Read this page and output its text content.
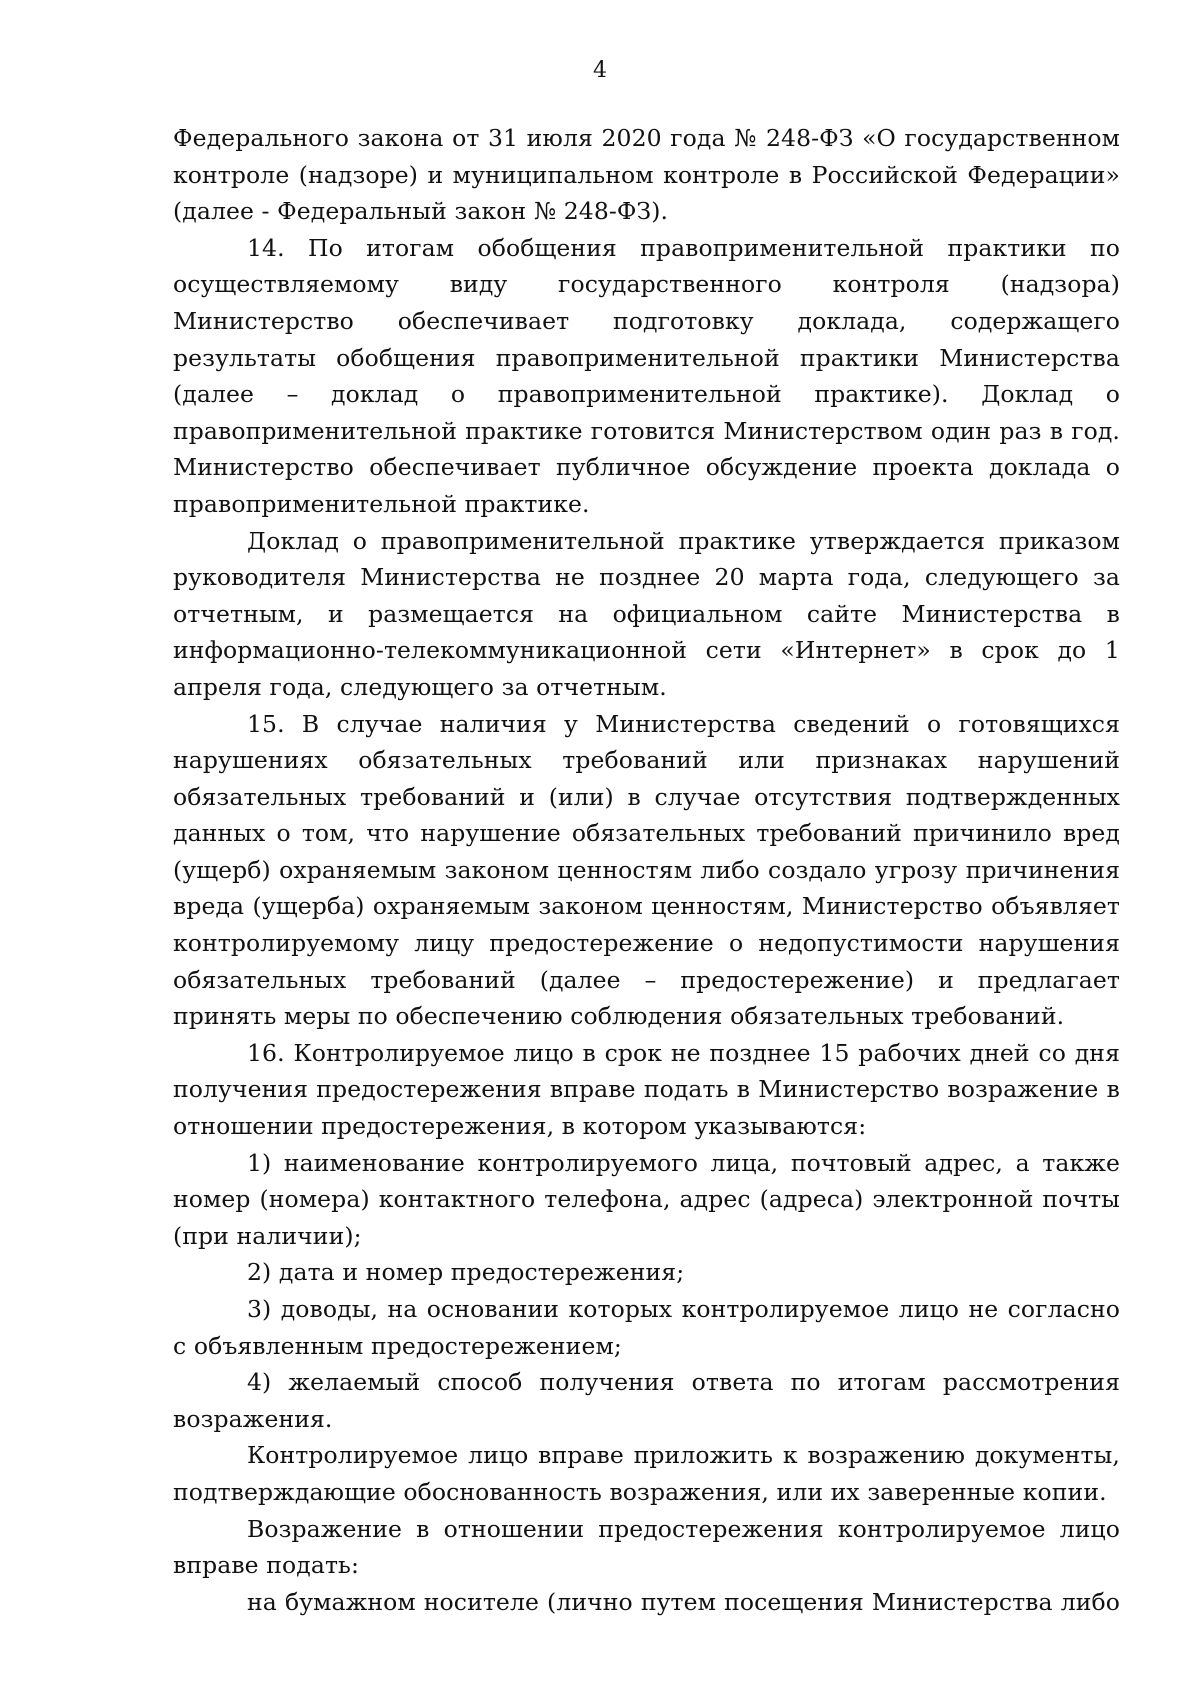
4

Федерального закона от 31 июля 2020 года № 248-ФЗ «О государственном контроле (надзоре) и муниципальном контроле в Российской Федерации» (далее - Федеральный закон № 248-ФЗ).

14. По итогам обобщения правоприменительной практики по осуществляемому виду государственного контроля (надзора) Министерство обеспечивает подготовку доклада, содержащего результаты обобщения правоприменительной практики Министерства (далее – доклад о правоприменительной практике). Доклад о правоприменительной практике готовится Министерством один раз в год. Министерство обеспечивает публичное обсуждение проекта доклада о правоприменительной практике.

Доклад о правоприменительной практике утверждается приказом руководителя Министерства не позднее 20 марта года, следующего за отчетным, и размещается на официальном сайте Министерства в информационно-телекоммуникационной сети «Интернет» в срок до 1 апреля года, следующего за отчетным.

15. В случае наличия у Министерства сведений о готовящихся нарушениях обязательных требований или признаках нарушений обязательных требований и (или) в случае отсутствия подтвержденных данных о том, что нарушение обязательных требований причинило вред (ущерб) охраняемым законом ценностям либо создало угрозу причинения вреда (ущерба) охраняемым законом ценностям, Министерство объявляет контролируемому лицу предостережение о недопустимости нарушения обязательных требований (далее – предостережение) и предлагает принять меры по обеспечению соблюдения обязательных требований.

16. Контролируемое лицо в срок не позднее 15 рабочих дней со дня получения предостережения вправе подать в Министерство возражение в отношении предостережения, в котором указываются:

1) наименование контролируемого лица, почтовый адрес, а также номер (номера) контактного телефона, адрес (адреса) электронной почты (при наличии);

2) дата и номер предостережения;

3) доводы, на основании которых контролируемое лицо не согласно с объявленным предостережением;

4) желаемый способ получения ответа по итогам рассмотрения возражения.

Контролируемое лицо вправе приложить к возражению документы, подтверждающие обоснованность возражения, или их заверенные копии.

Возражение в отношении предостережения контролируемое лицо вправе подать:

на бумажном носителе (лично путем посещения Министерства либо
